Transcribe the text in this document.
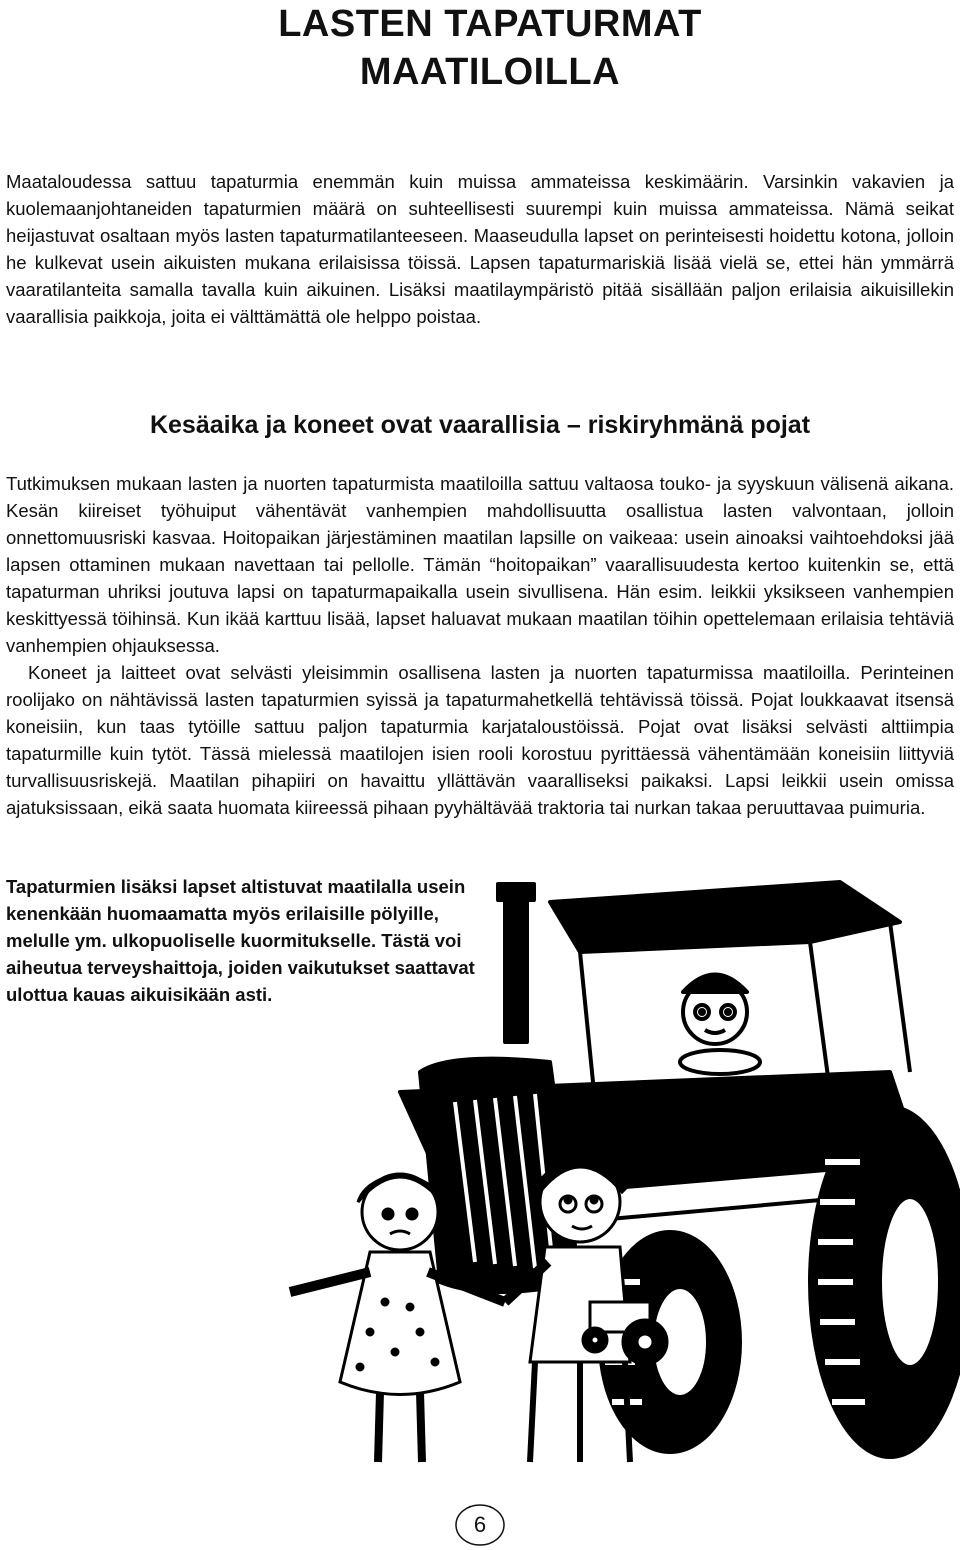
LASTEN TAPATURMAT
MAATILOILLA

Maataloudessa sattuu tapaturmia enemmän kuin muissa ammateissa keskimäärin. Varsinkin vakavien ja kuolemaanjohtaneiden tapaturmien määrä on suhteellisesti suurempi kuin muissa ammateissa. Nämä seikat heijastuvat osaltaan myös lasten tapaturmatilanteeseen. Maaseudulla lapset on perinteisesti hoidettu kotona, jolloin he kulkevat usein aikuisten mukana erilaisissa töissä. Lapsen tapaturmariskiä lisää vielä se, ettei hän ymmärrä vaaratilanteita samalla tavalla kuin aikuinen. Lisäksi maatilaympäristö pitää sisällään paljon erilaisia aikuisillekin vaarallisia paikkoja, joita ei välttämättä ole helppo poistaa.

Kesäaika ja koneet ovat vaarallisia – riskiryhmänä pojat

Tutkimuksen mukaan lasten ja nuorten tapaturmista maatiloilla sattuu valtaosa touko- ja syyskuun välisenä aikana. Kesän kiireiset työhuiput vähentävät vanhempien mahdollisuutta osallistua lasten valvontaan, jolloin onnettomuusriski kasvaa. Hoitopaikan järjestäminen maatilan lapsille on vaikeaa: usein ainoaksi vaihtoehdoksi jää lapsen ottaminen mukaan navettaan tai pellolle. Tämän “hoitopaikan” vaarallisuudesta kertoo kuitenkin se, että tapaturman uhriksi joutuva lapsi on tapaturmapaikalla usein sivullisena. Hän esim. leikkii yksikseen vanhempien keskittyessä töihinsä. Kun ikää karttuu lisää, lapset haluavat mukaan maatilan töihin opettelemaan erilaisia tehtäviä vanhempien ohjauksessa.

Koneet ja laitteet ovat selvästi yleisimmin osallisena lasten ja nuorten tapaturmissa maatiloilla. Perinteinen roolijako on nähtävissä lasten tapaturmien syissä ja tapaturmahetkellä tehtävissä töissä. Pojat loukkaavat itsensä koneisiin, kun taas tytöille sattuu paljon tapaturmia karjataloustöissä. Pojat ovat lisäksi selvästi alttiimpia tapaturmille kuin tytöt. Tässä mielessä maatilojen isien rooli korostuu pyrittäessä vähentämään koneisiin liittyviä turvallisuusriskejä. Maatilan pihapiiri on havaittu yllättävän vaaralliseksi paikaksi. Lapsi leikkii usein omissa ajatuksissaan, eikä saata huomata kiireessä pihaan pyyhältävää traktoria tai nurkan takaa peruuttavaa puimuria.

Tapaturmien lisäksi lapset altistuvat maatilalla usein kenenkään huomaamatta myös erilaisille pölyille, melulle ym. ulkopuoliselle kuormitukselle. Tästä voi aiheutua terveyshaittoja, joiden vaikutukset saattavat ulottua kauas aikuisikään asti.

6
